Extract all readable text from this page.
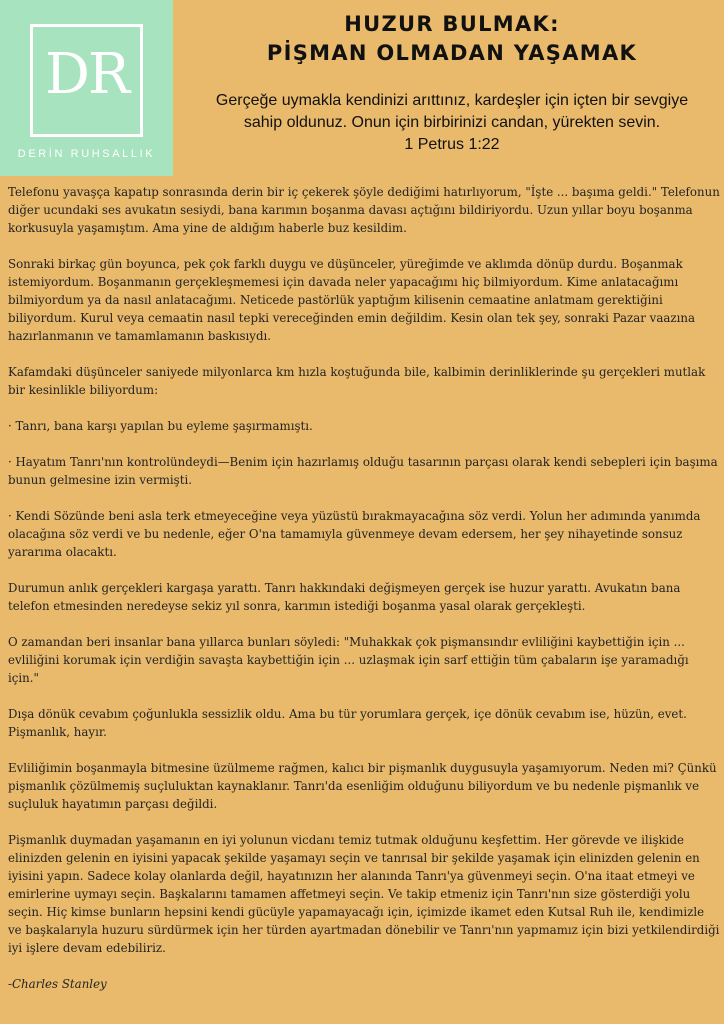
DR
DERİN RUHSALLIK
HUZUR BULMAK:
PİŞMAN OLMADAN YAŞAMAK
Gerçeğe uymakla kendinizi arıttınız, kardeşler için içten bir sevgiye
sahip oldunuz. Onun için birbirinizi candan, yürekten sevin.
1 Petrus 1:22

Telefonu yavaşça kapatıp sonrasında derin bir iç çekerek şöyle dediğimi hatırlıyorum, "İşte ... başıma geldi." Telefonun diğer ucundaki ses avukatın sesiydi, bana karımın boşanma davası açtığını bildiriyordu. Uzun yıllar boyu boşanma korkusuyla yaşamıştım. Ama yine de aldığım haberle buz kesildim.

Sonraki birkaç gün boyunca, pek çok farklı duygu ve düşünceler, yüreğimde ve aklımda dönüp durdu. Boşanmak istemiyordum. Boşanmanın gerçekleşmemesi için davada neler yapacağımı hiç bilmiyordum. Kime anlatacağımı bilmiyordum ya da nasıl anlatacağımı. Neticede pastörlük yaptığım kilisenin cemaatine anlatmam gerektiğini biliyordum. Kurul veya cemaatin nasıl tepki vereceğinden emin değildim. Kesin olan tek şey, sonraki Pazar vaazına hazırlanmanın ve tamamlamanın baskısıydı.

Kafamdaki düşünceler saniyede milyonlarca km hızla koştuğunda bile, kalbimin derinliklerinde şu gerçekleri mutlak bir kesinlikle biliyordum:

· Tanrı, bana karşı yapılan bu eyleme şaşırmamıştı.

· Hayatım Tanrı'nın kontrolündeydi—Benim için hazırlamış olduğu tasarının parçası olarak kendi sebepleri için başıma bunun gelmesine izin vermişti.

· Kendi Sözünde beni asla terk etmeyeceğine veya yüzüstü bırakmayacağına söz verdi. Yolun her adımında yanımda olacağına söz verdi ve bu nedenle, eğer O'na tamamıyla güvenmeye devam edersem, her şey nihayetinde sonsuz yararıma olacaktı.

Durumun anlık gerçekleri kargaşa yarattı. Tanrı hakkındaki değişmeyen gerçek ise huzur yarattı. Avukatın bana telefon etmesinden neredeyse sekiz yıl sonra, karımın istediği boşanma yasal olarak gerçekleşti.

O zamandan beri insanlar bana yıllarca bunları söyledi: "Muhakkak çok pişmansındır evliliğini kaybettiğin için ... evliliğini korumak için verdiğin savaşta kaybettiğin için ... uzlaşmak için sarf ettiğin tüm çabaların işe yaramadığı için."

Dışa dönük cevabım çoğunlukla sessizlik oldu. Ama bu tür yorumlara gerçek, içe dönük cevabım ise, hüzün, evet. Pişmanlık, hayır.

Evliliğimin boşanmayla bitmesine üzülmeme rağmen, kalıcı bir pişmanlık duygusuyla yaşamıyorum. Neden mi? Çünkü pişmanlık çözülmemiş suçluluktan kaynaklanır. Tanrı'da esenliğim olduğunu biliyordum ve bu nedenle pişmanlık ve suçluluk hayatımın parçası değildi.

Pişmanlık duymadan yaşamanın en iyi yolunun vicdanı temiz tutmak olduğunu keşfettim. Her görevde ve ilişkide elinizden gelenin en iyisini yapacak şekilde yaşamayı seçin ve tanrısal bir şekilde yaşamak için elinizden gelenin en iyisini yapın. Sadece kolay olanlarda değil, hayatınızın her alanında Tanrı'ya güvenmeyi seçin. O'na itaat etmeyi ve emirlerine uymayı seçin. Başkalarını tamamen affetmeyi seçin. Ve takip etmeniz için Tanrı'nın size gösterdiği yolu seçin. Hiç kimse bunların hepsini kendi gücüyle yapamayacağı için, içimizde ikamet eden Kutsal Ruh ile, kendimizle ve başkalarıyla huzuru sürdürmek için her türden ayartmadan dönebilir ve Tanrı'nın yapmamız için bizi yetkilendirdiği iyi işlere devam edebiliriz.

-Charles Stanley
